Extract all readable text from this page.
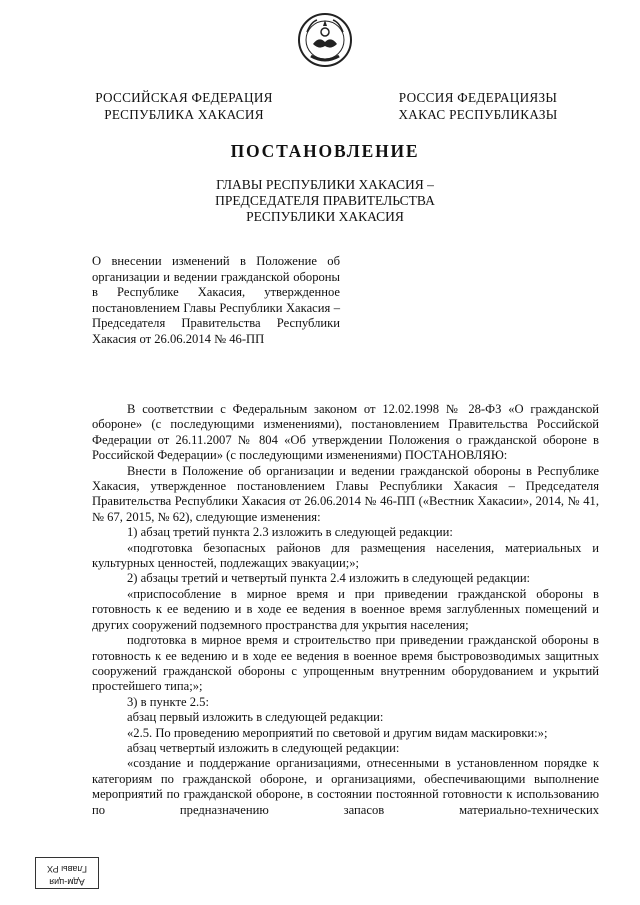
РОССИЙСКАЯ ФЕДЕРАЦИЯ
РЕСПУБЛИКА ХАКАСИЯ
РОССИЯ ФЕДЕРАЦИЯЗЫ
ХАКАС РЕСПУБЛИКАЗЫ
ПОСТАНОВЛЕНИЕ
ГЛАВЫ РЕСПУБЛИКИ ХАКАСИЯ –
ПРЕДСЕДАТЕЛЯ ПРАВИТЕЛЬСТВА
РЕСПУБЛИКИ ХАКАСИЯ
О внесении изменений в Положение об организации и ведении гражданской обороны в Республике Хакасия, утвержденное постановлением Главы Республики Хакасия – Председателя Правительства Республики Хакасия от 26.06.2014 № 46-ПП

В соответствии с Федеральным законом от 12.02.1998 № 28-ФЗ «О гражданской обороне» (с последующими изменениями), постановлением Правительства Российской Федерации от 26.11.2007 № 804 «Об утверждении Положения о гражданской обороне в Российской Федерации» (с последующими изменениями) ПОСТАНОВЛЯЮ:

Внести в Положение об организации и ведении гражданской обороны в Республике Хакасия, утвержденное постановлением Главы Республики Хакасия – Председателя Правительства Республики Хакасия от 26.06.2014 № 46-ПП («Вестник Хакасии», 2014, № 41, № 67, 2015, № 62), следующие изменения:

1) абзац третий пункта 2.3 изложить в следующей редакции:

«подготовка безопасных районов для размещения населения, материальных и культурных ценностей, подлежащих эвакуации;»;

2) абзацы третий и четвертый пункта 2.4 изложить в следующей редакции:

«приспособление в мирное время и при приведении гражданской обороны в готовность к ее ведению и в ходе ее ведения в военное время заглубленных помещений и других сооружений подземного пространства для укрытия населения;

подготовка в мирное время и строительство при приведении гражданской обороны в готовность к ее ведению и в ходе ее ведения в военное время быстровозводимых защитных сооружений гражданской обороны с упрощенным внутренним оборудованием и укрытий простейшего типа;»;

3) в пункте 2.5:

абзац первый изложить в следующей редакции:

«2.5. По проведению мероприятий по световой и другим видам маскировки:»;

абзац четвертый изложить в следующей редакции:

«создание и поддержание организациями, отнесенными в установленном порядке к категориям по гражданской обороне, и организациями, обеспечивающими выполнение мероприятий по гражданской обороне, в состоянии постоянной готовности к использованию по предназначению запасов материально-технических

Адм-ция
Главы РХ
